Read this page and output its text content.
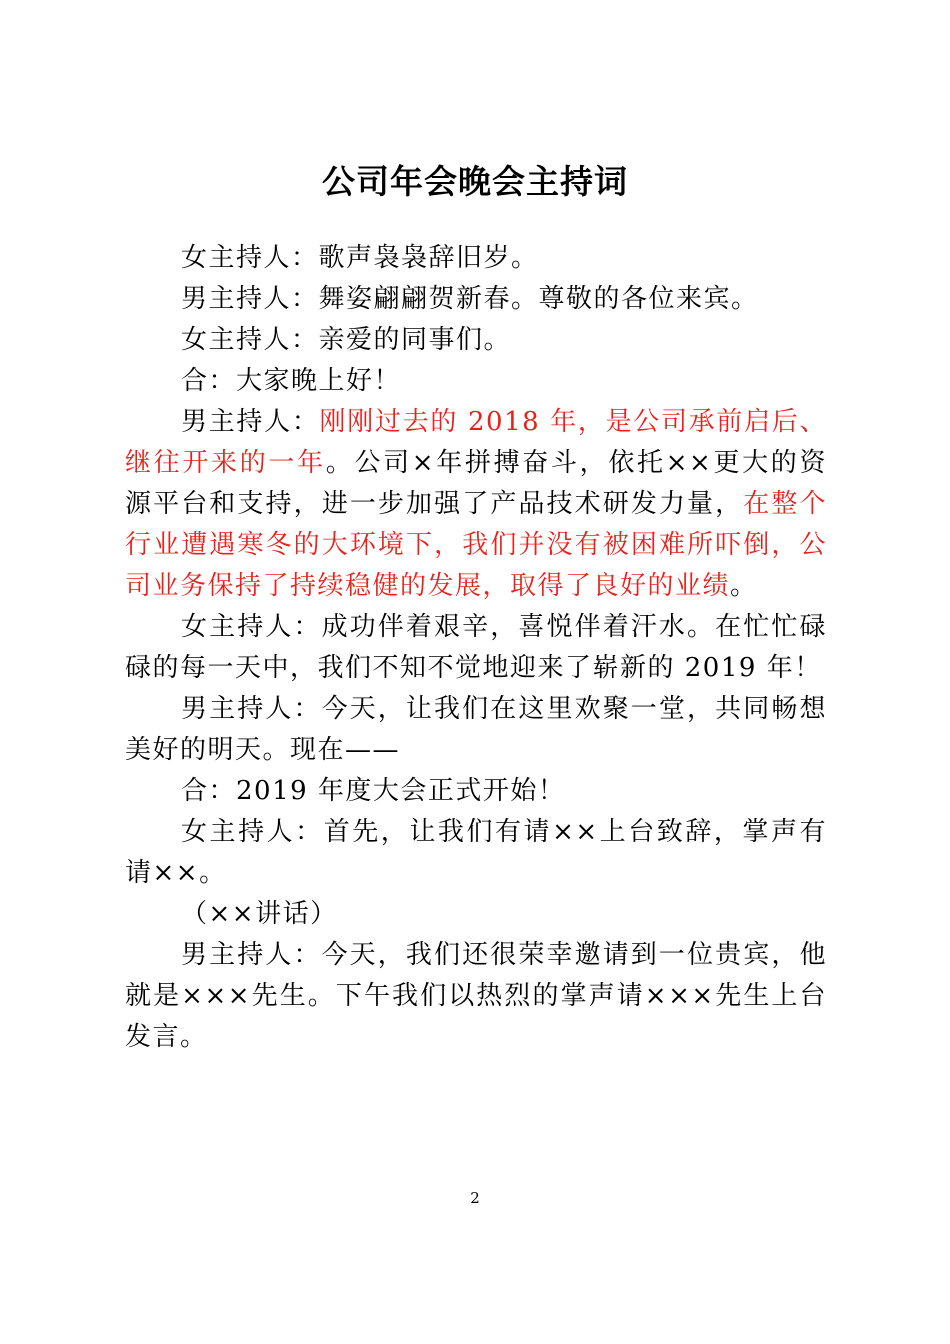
公司年会晚会主持词

女主持人：歌声袅袅辞旧岁。

男主持人：舞姿翩翩贺新春。尊敬的各位来宾。

女主持人：亲爱的同事们。

合：大家晚上好！

男主持人：刚刚过去的 2018 年，是公司承前启后、继往开来的一年。公司×年拼搏奋斗，依托××更大的资源平台和支持，进一步加强了产品技术研发力量，在整个行业遭遇寒冬的大环境下，我们并没有被困难所吓倒，公司业务保持了持续稳健的发展，取得了良好的业绩。

女主持人：成功伴着艰辛，喜悦伴着汗水。在忙忙碌碌的每一天中，我们不知不觉地迎来了崭新的 2019 年！

男主持人：今天，让我们在这里欢聚一堂，共同畅想美好的明天。现在——

合：2019 年度大会正式开始！

女主持人：首先，让我们有请××上台致辞，掌声有请××。

（××讲话）

男主持人：今天，我们还很荣幸邀请到一位贵宾，他就是×××先生。下午我们以热烈的掌声请×××先生上台发言。

2
